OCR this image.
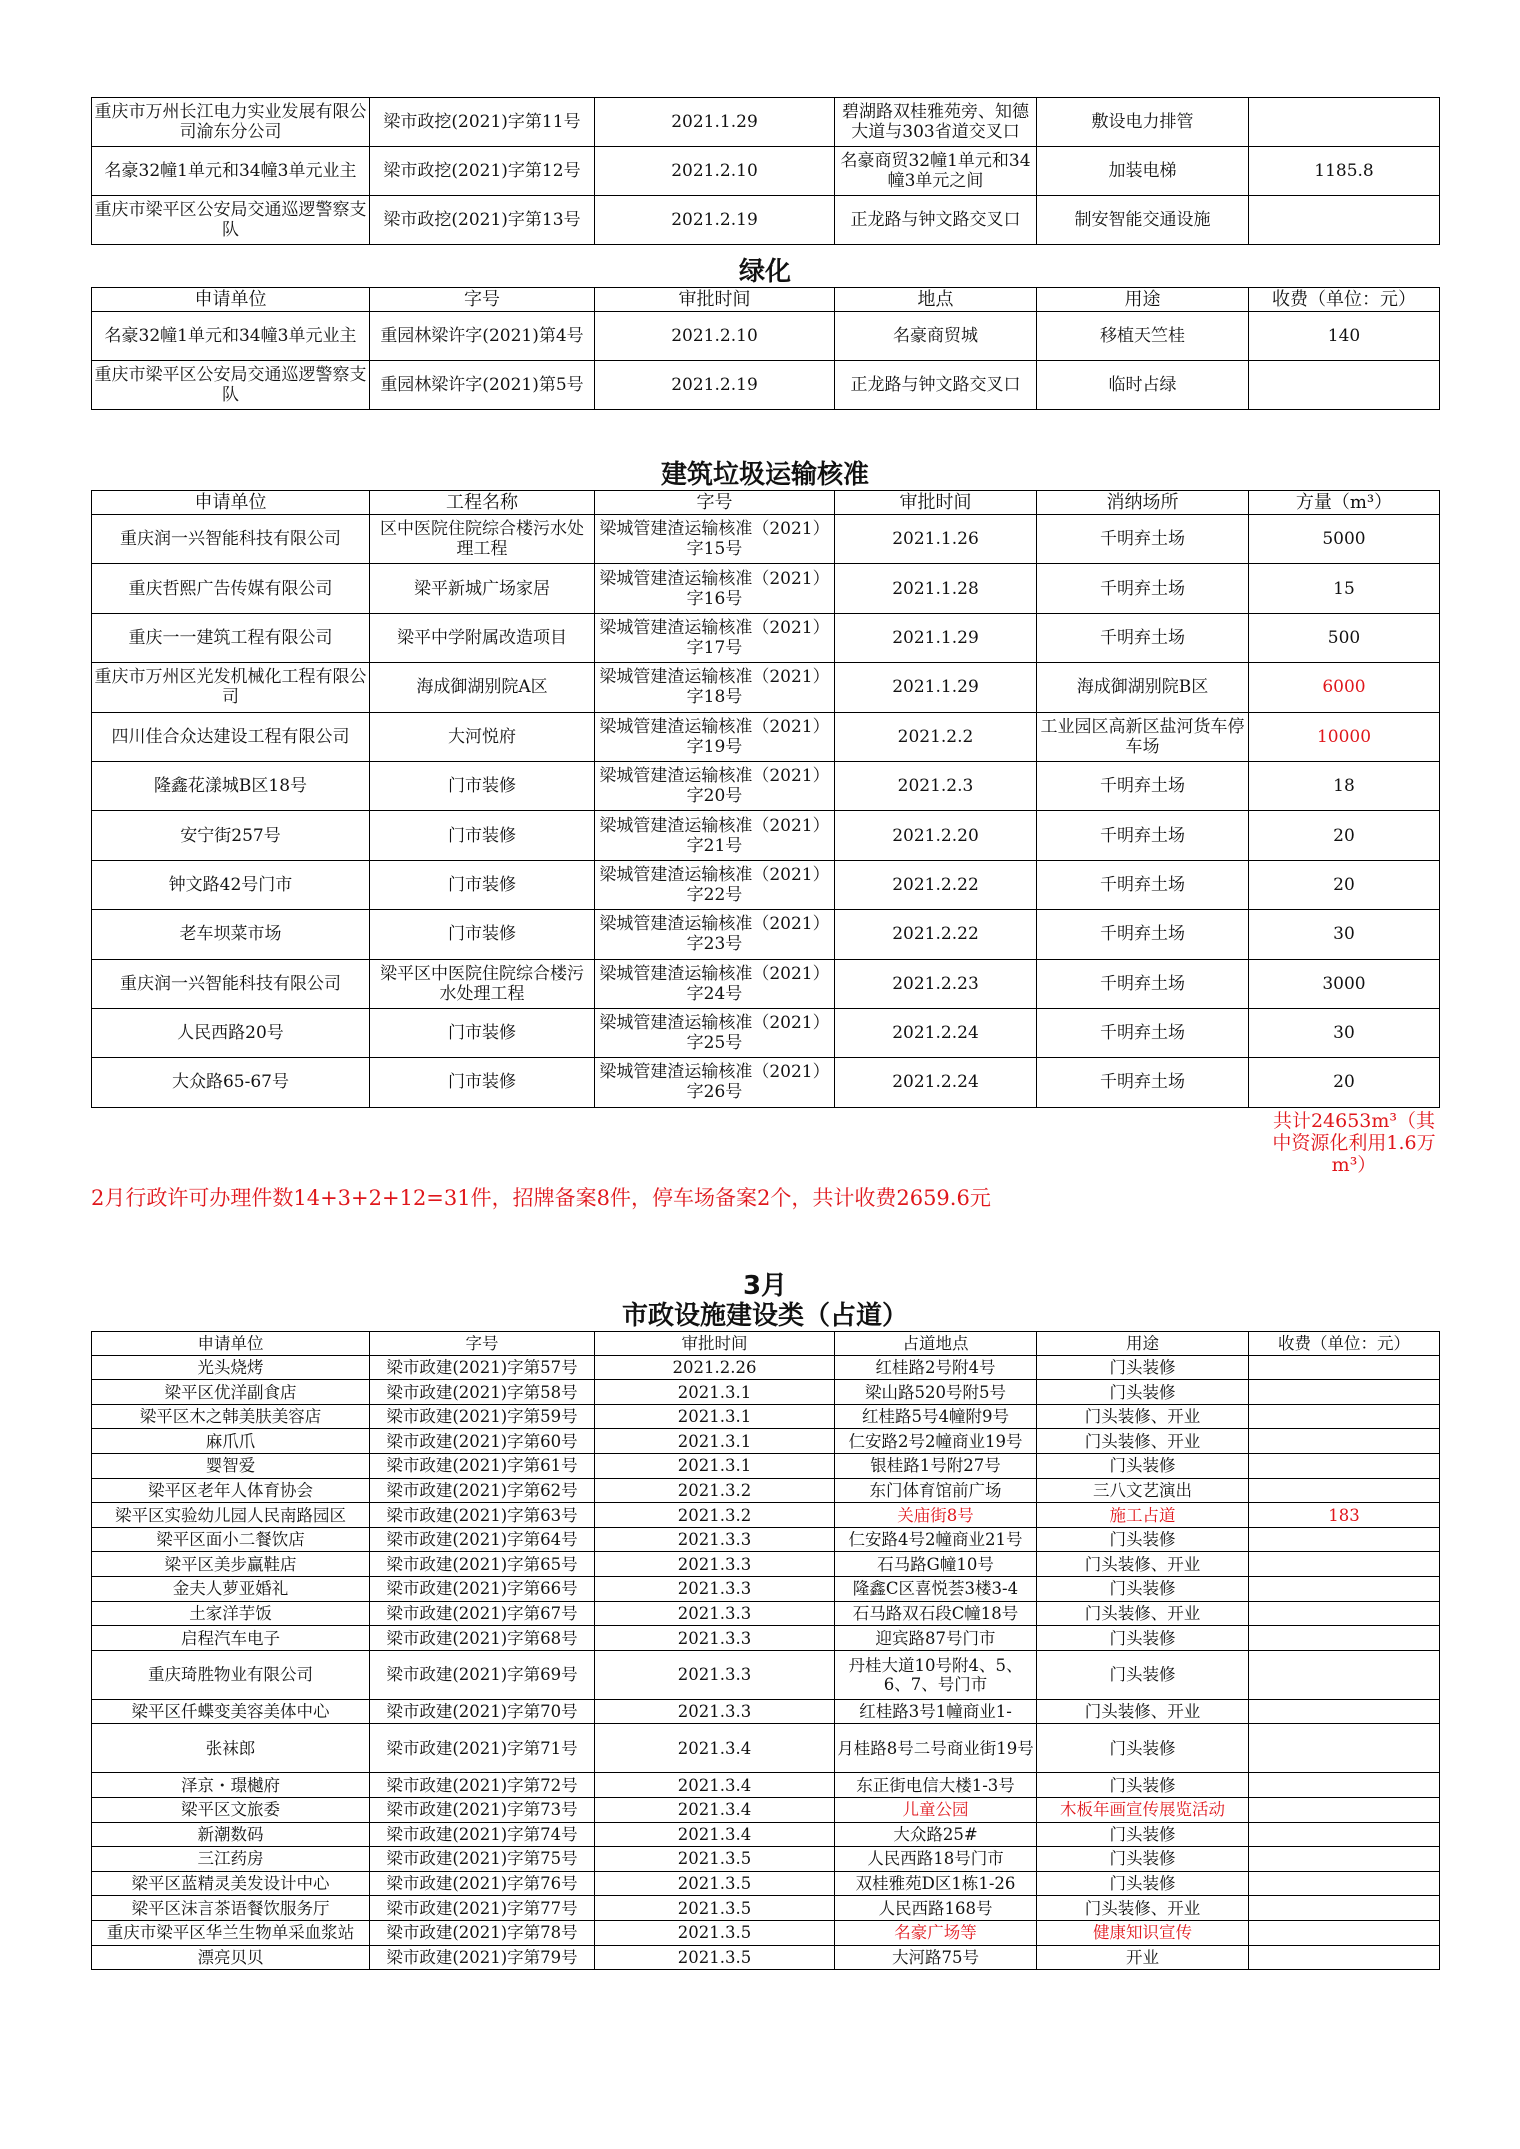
重庆市万州长江电力实业发展有限公司渝东分公司	梁市政挖(2021)字第11号	2021.1.29	碧湖路双桂雅苑旁、知德大道与303省道交叉口	敷设电力排管	
名豪32幢1单元和34幢3单元业主	梁市政挖(2021)字第12号	2021.2.10	名豪商贸32幢1单元和34幢3单元之间	加装电梯	1185.8
重庆市梁平区公安局交通巡逻警察支队	梁市政挖(2021)字第13号	2021.2.19	正龙路与钟文路交叉口	制安智能交通设施	
绿化
申请单位	字号	审批时间	地点	用途	收费（单位：元）
名豪32幢1单元和34幢3单元业主	重园林梁许字(2021)第4号	2021.2.10	名豪商贸城	移植天竺桂	140
重庆市梁平区公安局交通巡逻警察支队	重园林梁许字(2021)第5号	2021.2.19	正龙路与钟文路交叉口	临时占绿	
建筑垃圾运输核准
申请单位	工程名称	字号	审批时间	消纳场所	方量（m³）
重庆润一兴智能科技有限公司	区中医院住院综合楼污水处理工程	梁城管建渣运输核准（2021）字15号	2021.1.26	千明弃土场	5000
重庆哲熙广告传媒有限公司	梁平新城广场家居	梁城管建渣运输核准（2021）字16号	2021.1.28	千明弃土场	15
重庆一一建筑工程有限公司	梁平中学附属改造项目	梁城管建渣运输核准（2021）字17号	2021.1.29	千明弃土场	500
重庆市万州区光发机械化工程有限公司	海成御湖别院A区	梁城管建渣运输核准（2021）字18号	2021.1.29	海成御湖别院B区	6000
四川佳合众达建设工程有限公司	大河悦府	梁城管建渣运输核准（2021）字19号	2021.2.2	工业园区高新区盐河货车停车场	10000
隆鑫花漾城B区18号	门市装修	梁城管建渣运输核准（2021）字20号	2021.2.3	千明弃土场	18
安宁街257号	门市装修	梁城管建渣运输核准（2021）字21号	2021.2.20	千明弃土场	20
钟文路42号门市	门市装修	梁城管建渣运输核准（2021）字22号	2021.2.22	千明弃土场	20
老车坝菜市场	门市装修	梁城管建渣运输核准（2021）字23号	2021.2.22	千明弃土场	30
重庆润一兴智能科技有限公司	梁平区中医院住院综合楼污水处理工程	梁城管建渣运输核准（2021）字24号	2021.2.23	千明弃土场	3000
人民西路20号	门市装修	梁城管建渣运输核准（2021）字25号	2021.2.24	千明弃土场	30
大众路65-67号	门市装修	梁城管建渣运输核准（2021）字26号	2021.2.24	千明弃土场	20
共计24653m³（其中资源化利用1.6万m³）
2月行政许可办理件数14+3+2+12=31件，招牌备案8件，停车场备案2个，共计收费2659.6元
3月
市政设施建设类（占道）
申请单位	字号	审批时间	占道地点	用途	收费（单位：元）
光头烧烤	梁市政建(2021)字第57号	2021.2.26	红桂路2号附4号	门头装修	
梁平区优洋副食店	梁市政建(2021)字第58号	2021.3.1	梁山路520号附5号	门头装修	
梁平区木之韩美肤美容店	梁市政建(2021)字第59号	2021.3.1	红桂路5号4幢附9号	门头装修、开业	
麻爪爪	梁市政建(2021)字第60号	2021.3.1	仁安路2号2幢商业19号	门头装修、开业	
婴智爱	梁市政建(2021)字第61号	2021.3.1	银桂路1号附27号	门头装修	
梁平区老年人体育协会	梁市政建(2021)字第62号	2021.3.2	东门体育馆前广场	三八文艺演出	
梁平区实验幼儿园人民南路园区	梁市政建(2021)字第63号	2021.3.2	关庙街8号	施工占道	183
梁平区面小二餐饮店	梁市政建(2021)字第64号	2021.3.3	仁安路4号2幢商业21号	门头装修	
梁平区美步赢鞋店	梁市政建(2021)字第65号	2021.3.3	石马路G幢10号	门头装修、开业	
金夫人萝亚婚礼	梁市政建(2021)字第66号	2021.3.3	隆鑫C区喜悦荟3楼3-4	门头装修	
土家洋芋饭	梁市政建(2021)字第67号	2021.3.3	石马路双石段C幢18号	门头装修、开业	
启程汽车电子	梁市政建(2021)字第68号	2021.3.3	迎宾路87号门市	门头装修	
重庆琦胜物业有限公司	梁市政建(2021)字第69号	2021.3.3	丹桂大道10号附4、5、6、7、号门市	门头装修	
梁平区仟蝶变美容美体中心	梁市政建(2021)字第70号	2021.3.3	红桂路3号1幢商业1-	门头装修、开业	
张袜郎	梁市政建(2021)字第71号	2021.3.4	月桂路8号二号商业街19号	门头装修	
泽京・璟樾府	梁市政建(2021)字第72号	2021.3.4	东正街电信大楼1-3号	门头装修	
梁平区文旅委	梁市政建(2021)字第73号	2021.3.4	儿童公园	木板年画宣传展览活动	
新潮数码	梁市政建(2021)字第74号	2021.3.4	大众路25#	门头装修	
三江药房	梁市政建(2021)字第75号	2021.3.5	人民西路18号门市	门头装修	
梁平区蓝精灵美发设计中心	梁市政建(2021)字第76号	2021.3.5	双桂雅苑D区1栋1-26	门头装修	
梁平区沫言茶语餐饮服务厅	梁市政建(2021)字第77号	2021.3.5	人民西路168号	门头装修、开业	
重庆市梁平区华兰生物单采血浆站	梁市政建(2021)字第78号	2021.3.5	名豪广场等	健康知识宣传	
漂亮贝贝	梁市政建(2021)字第79号	2021.3.5	大河路75号	开业	
